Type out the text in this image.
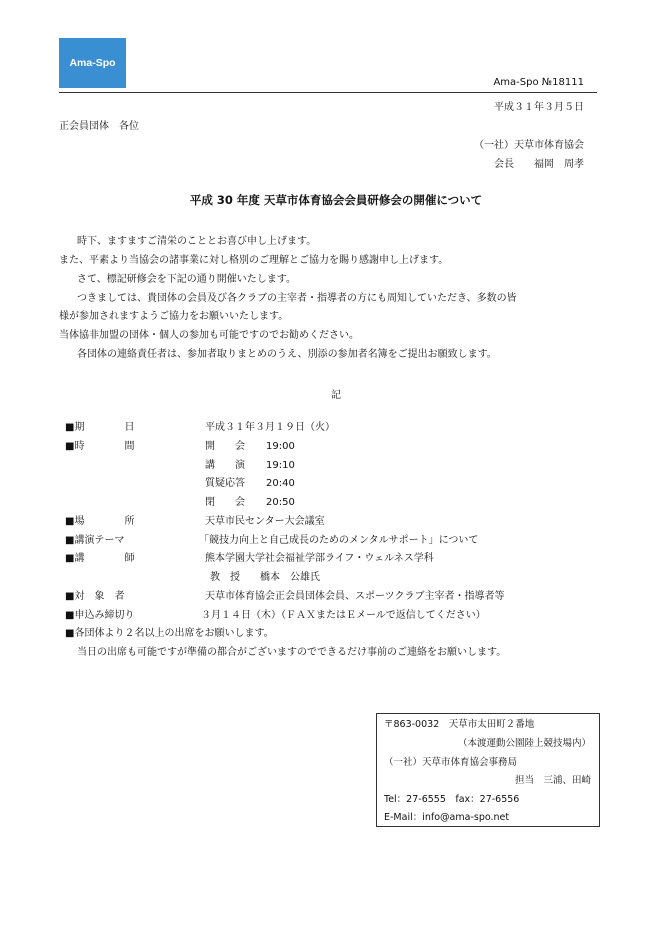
Ama-Spo
Ama-Spo №18111
平成３１年３月５日
正会員団体　各位
（一社）天草市体育協会
会長　　福岡　周孝
平成 30 年度 天草市体育協会会員研修会の開催について
時下、ますますご清栄のこととお喜び申し上げます。
また、平素より当協会の諸事業に対し格別のご理解とご協力を賜り感謝申し上げます。
さて、標記研修会を下記の通り開催いたします。
つきましては、貴団体の会員及び各クラブの主宰者・指導者の方にも周知していただき、多数の皆
様が参加されますようご協力をお願いいたします。
当体協非加盟の団体・個人の参加も可能ですのでお勧めください。
各団体の連絡責任者は、参加者取りまとめのうえ、別添の参加者名簿をご提出お願致します。
記
■期　　　　日	平成３１年３月１９日（火）
■時　　　　間	開　　会 19:00
講　　演 19:10
質疑応答 20:40
閉　　会 20:50
■場　　　　所	天草市民センター大会議室
■講演テーマ	「競技力向上と自己成長のためのメンタルサポート」について
■講　　　　師	熊本学園大学社会福祉学部ライフ・ウェルネス学科
教　授　　橋本　公雄氏
■対　象　者	天草市体育協会正会員団体会員、スポーツクラブ主宰者・指導者等
■申込み締切り	３月１４日（木）（ＦＡＸまたはＥメールで返信してください）
■各団体より２名以上の出席をお願いします。
当日の出席も可能ですが準備の都合がございますのでできるだけ事前のご連絡をお願いします。
〒863-0032　天草市太田町２番地
（本渡運動公園陸上競技場内）
（一社）天草市体育協会事務局
担当　三浦、田崎
Tel：27-6555　fax：27-6556
E-Mail：info@ama-spo.net
